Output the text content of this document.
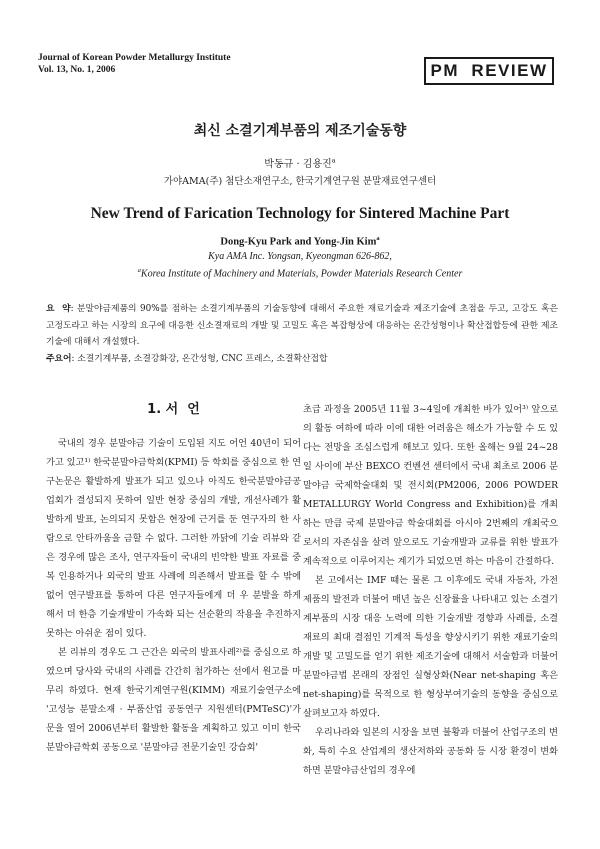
Journal of Korean Powder Metallurgy Institute
Vol. 13, No. 1, 2006	PM  REVIEW
최신 소결기계부품의 제조기술동향
박동규 · 김용진$^a$
가야AMA(주) 첨단소재연구소, 한국기계연구원 분말재료연구센터
New Trend of Farication Technology for Sintered Machine Part
Dong-Kyu Park and Yong-Jin Kim$^a$
Kya AMA Inc. Yongsan, Kyeongman 626-862,
$^a$Korea Institute of Machinery and Materials, Powder Materials Research Center
요  약: 분말야금제품의 90%를 점하는 소결기계부품의 기술동향에 대해서 주요한 재료기술과 제조기술에 초점을 두고, 고강도 혹은 고정도라고 하는 시장의 요구에 대응한 신소결재료의 개발 및 고밀도 혹은 복잡형상에 대응하는 온간성형이나 확산접합등에 관한 제조기술에 대해서 개설했다.
주요어: 소결기계부품, 소결강화강, 온간성형, CNC 프레스, 소결확산접합
1. 서  언

국내의 경우 분말야금 기술이 도입된 지도 어언 40년이 되어 가고 있고¹⁾ 한국분말야금학회(KPMI) 등 학회를 중심으로 한 연구논문은 활발하게 발표가 되고 있으나 아직도 한국분말야금공업회가 결성되지 못하여 일반 현장 중심의 개발, 개선사례가 활발하게 발표, 논의되지 못함은 현장에 근거를 둔 연구자의 한 사람으로 안타까움을 금할 수 없다. 그러한 까닭에 기술 리뷰와 같은 경우에 많은 조사, 연구자들이 국내의 빈약한 발표 자료를 중복 인용하거나 외국의 발표 사례에 의존해서 발표를 할 수 밖에 없어 연구발표를 통하여 다른 연구자들에게 더 우 분발을 하게 해서 더 한층 기술개발이 가속화 되는 선순환의 작용을 추진하지 못하는 아쉬운 점이 있다.

본 리뷰의 경우도 그 근간은 외국의 발표사례²⁾를 중심으로 하였으며 당사와 국내의 사례를 간간히 첨가하는 선에서 원고를 마무리 하였다. 현재 한국기계연구원(KIMM) 재료기술연구소에 '고성능 분말소재 · 부품산업 공동연구 지원센터(PMTeSC)'가 문을 열어 2006년부터 활발한 활동을 계획하고 있고 이미 한국분말야금학회 공동으로 '분말야금 전문기술인 강습회'

초급 과정을 2005년 11월 3~4일에 개최한 바가 있어³⁾ 앞으로의 활동 여하에 따라 이에 대한 어려움은 해소가 가능할 수 도 있다는 전망을 조심스럽게 해보고 있다. 또한 올해는 9월 24~28일 사이에 부산 BEXCO 컨벤션 센터에서 국내 최초로 2006 분말야금 국제학술대회 및 전시회(PM2006, 2006 POWDER METALLURGY World Congress and Exhibition)를 개최하는 만큼 국제 분말야금 학술대회를 아시아 2번째의 개최국으로서의 자존심을 살려 앞으로도 기술개발과 교류를 위한 발표가 계속적으로 이루어지는 계기가 되었으면 하는 마음이 간절하다.

본 고에서는 IMF 때는 물론 그 이후에도 국내 자동차, 가전제품의 발전과 더불어 매년 높은 신장률을 나타내고 있는 소결기계부품의 시장 대응 노력에 의한 기술개발 경향과 사례를, 소결재료의 최대 결점인 기계적 특성을 향상시키기 위한 재료기술의 개발 및 고밀도를 얻기 위한 제조기술에 대해서 서술함과 더불어 분말야금법 본래의 장점인 실형상화(Near net-shaping 혹은 net-shaping)를 목적으로 한 형상부여기술의 동향을 중심으로 살펴보고자 하였다.

우리나라와 일본의 시장을 보면 불황과 더불어 산업구조의 변화, 특히 수요 산업계의 생산저하와 공동화 등 시장 환경이 변화하면 분말야금산업의 경우에
